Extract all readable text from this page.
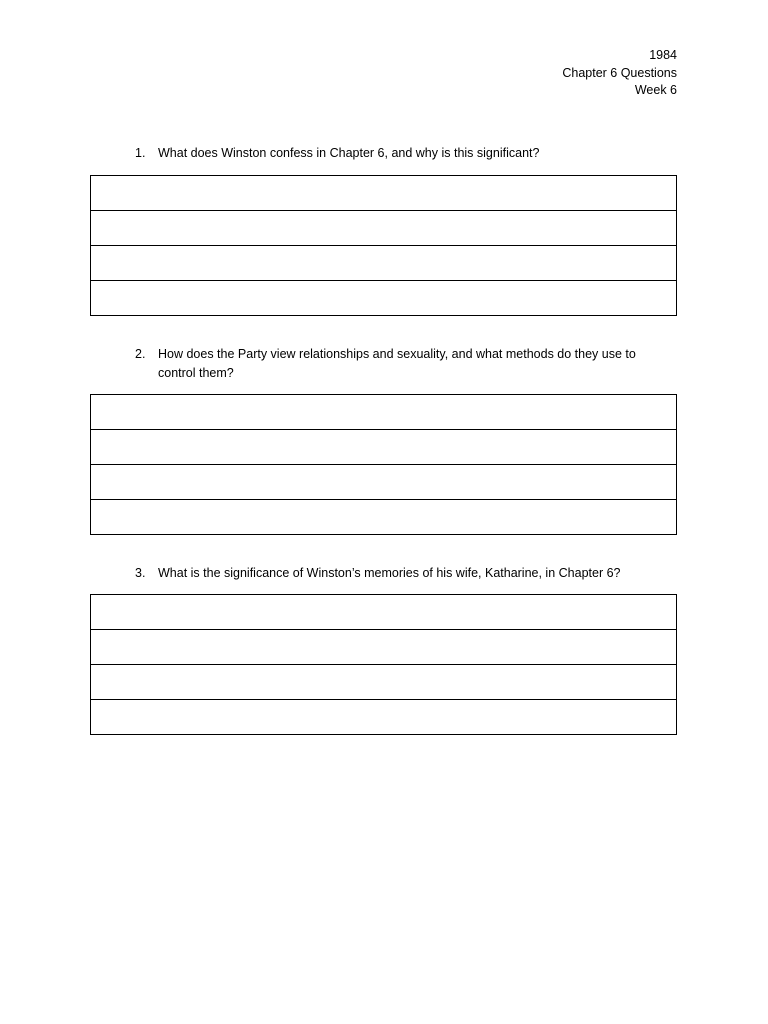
1984
Chapter 6 Questions
Week 6
1. What does Winston confess in Chapter 6, and why is this significant?
2. How does the Party view relationships and sexuality, and what methods do they use to control them?
3. What is the significance of Winston’s memories of his wife, Katharine, in Chapter 6?
